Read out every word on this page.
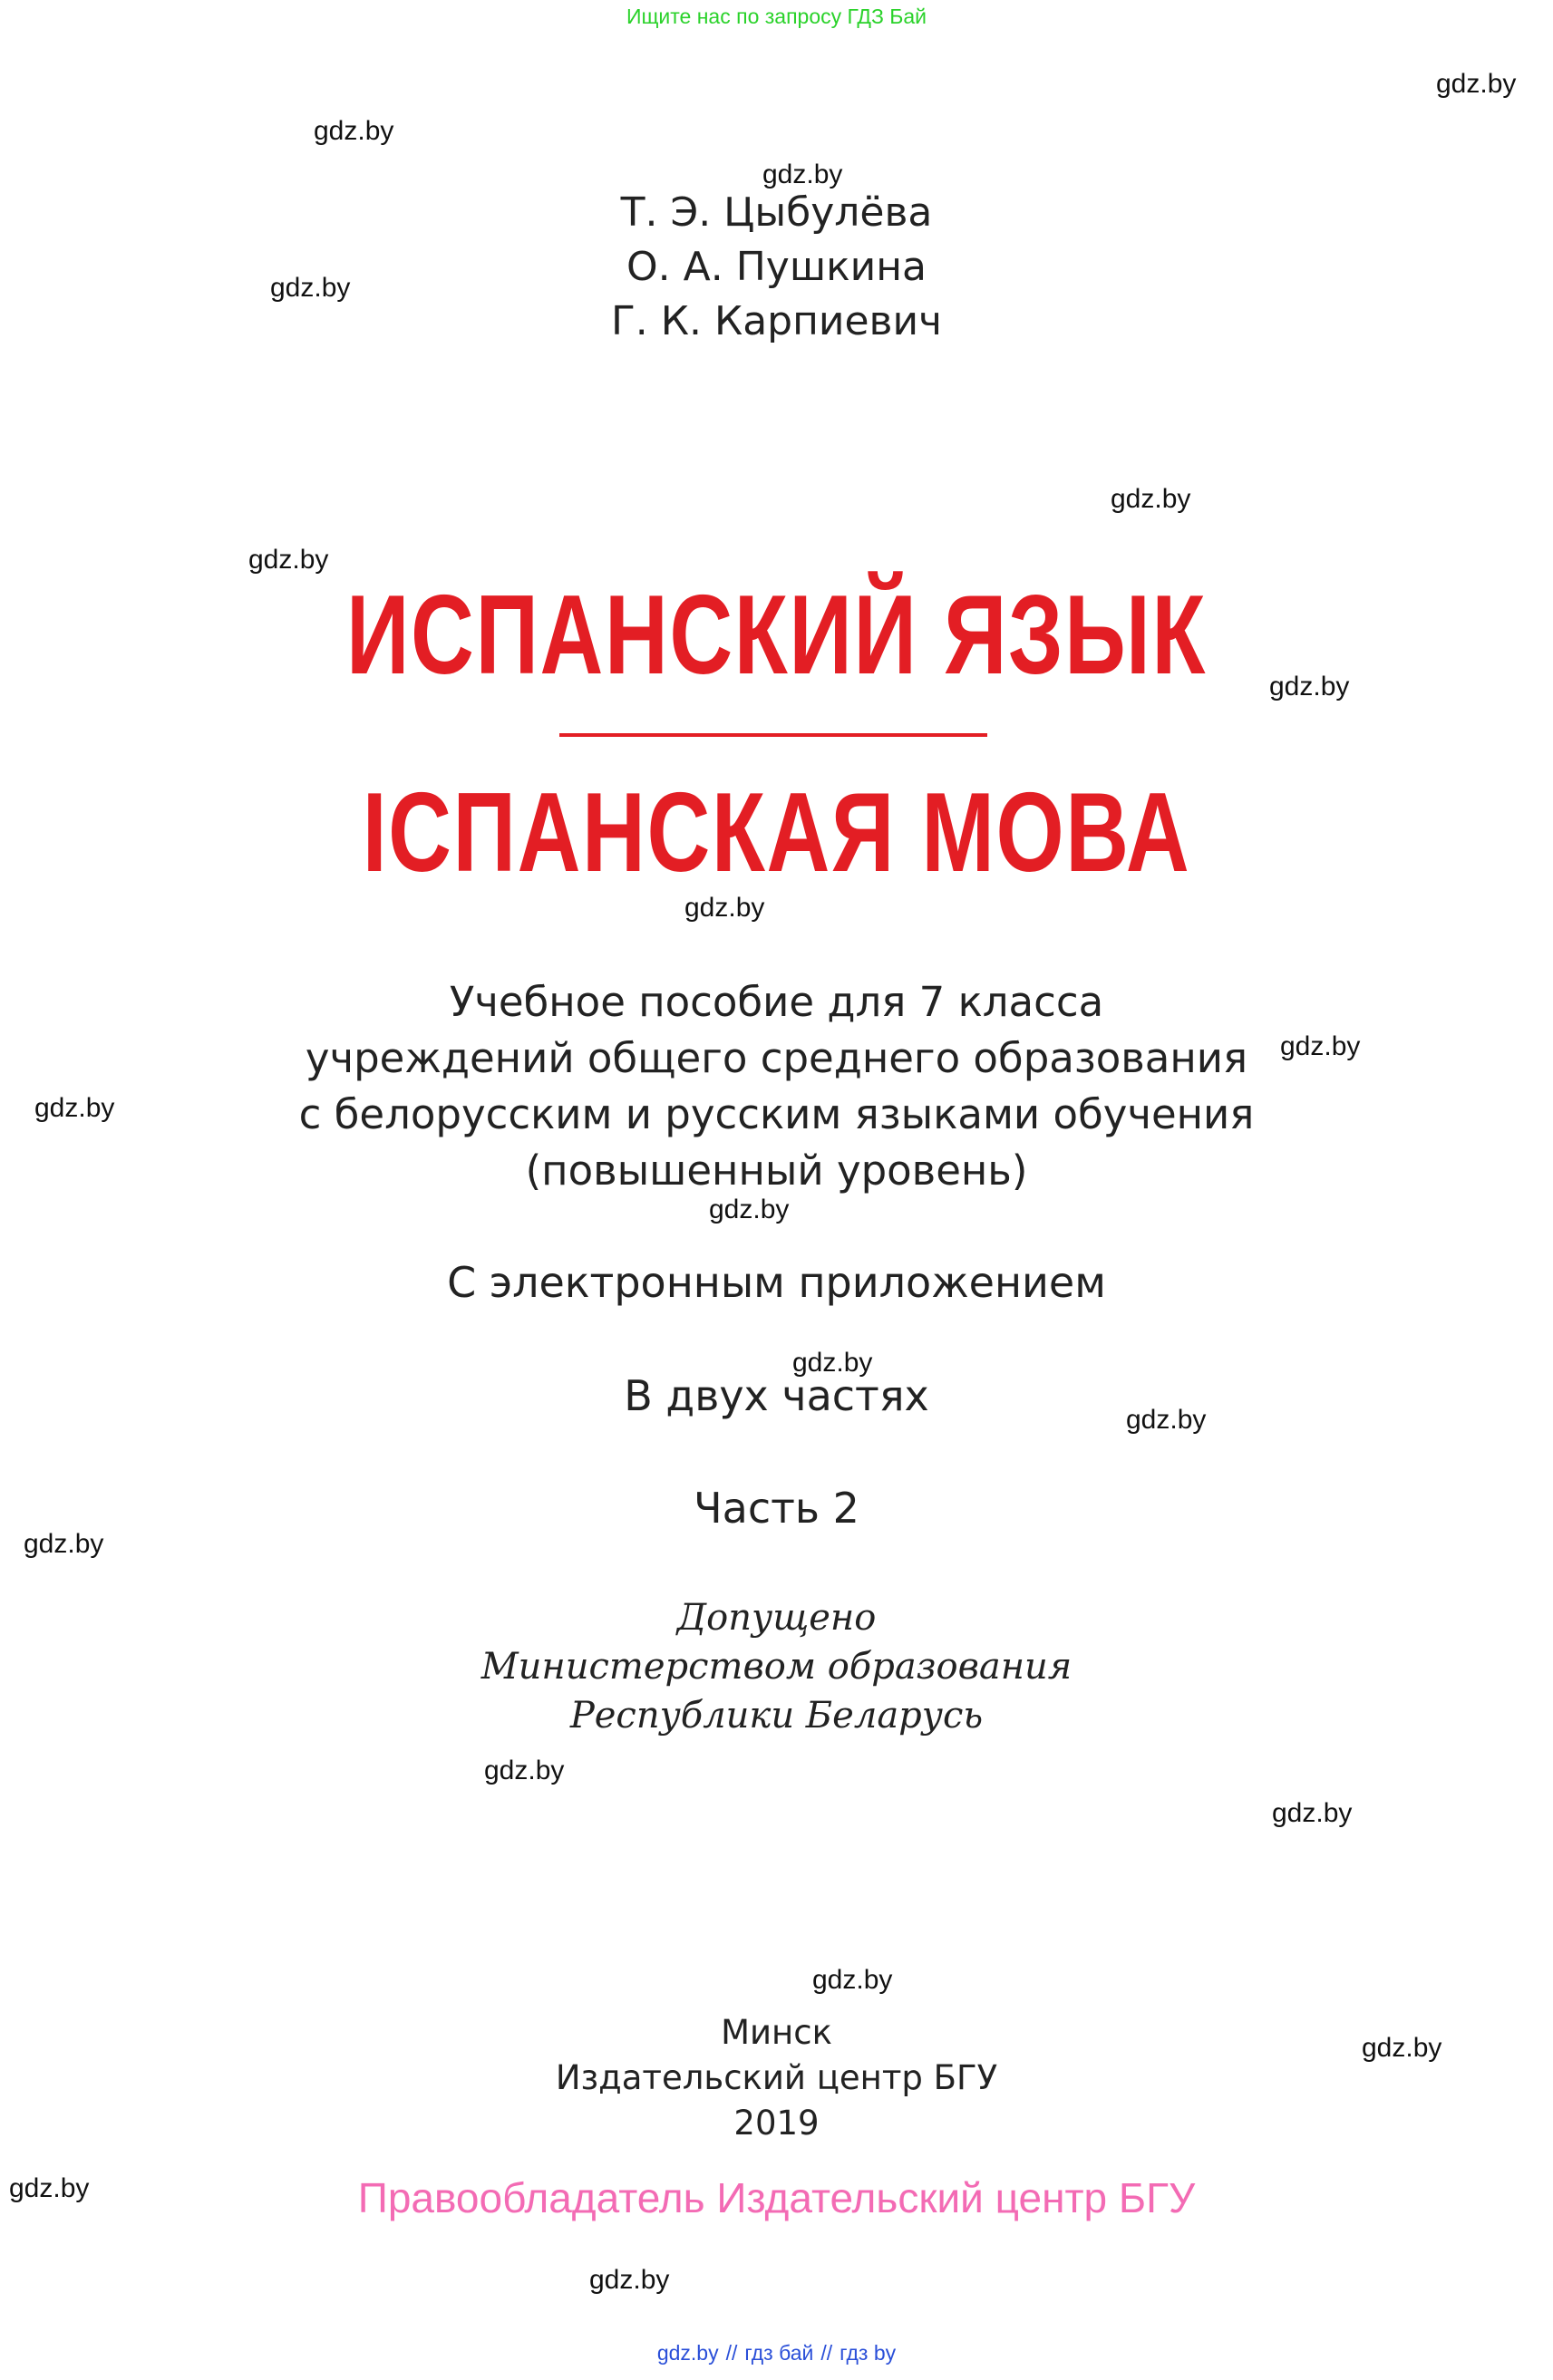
Ищите нас по запросу ГДЗ Бай
Т. Э. Цыбулёва
О. А. Пушкина
Г. К. Карпиевич
ИСПАНСКИЙ ЯЗЫК
ІСПАНСКАЯ МОВА
Учебное пособие для 7 класса
учреждений общего среднего образования
с белорусским и русским языками обучения
(повышенный уровень)
С электронным приложением
В двух частях
Часть 2
Допущено
Министерством образования
Республики Беларусь
Минск
Издательский центр БГУ
2019
Правообладатель Издательский центр БГУ
gdz.by // гдз бай // гдз by
gdz.by
gdz.by
gdz.by
gdz.by
gdz.by
gdz.by
gdz.by
gdz.by
gdz.by
gdz.by
gdz.by
gdz.by
gdz.by
gdz.by
gdz.by
gdz.by
gdz.by
gdz.by
gdz.by
gdz.by
